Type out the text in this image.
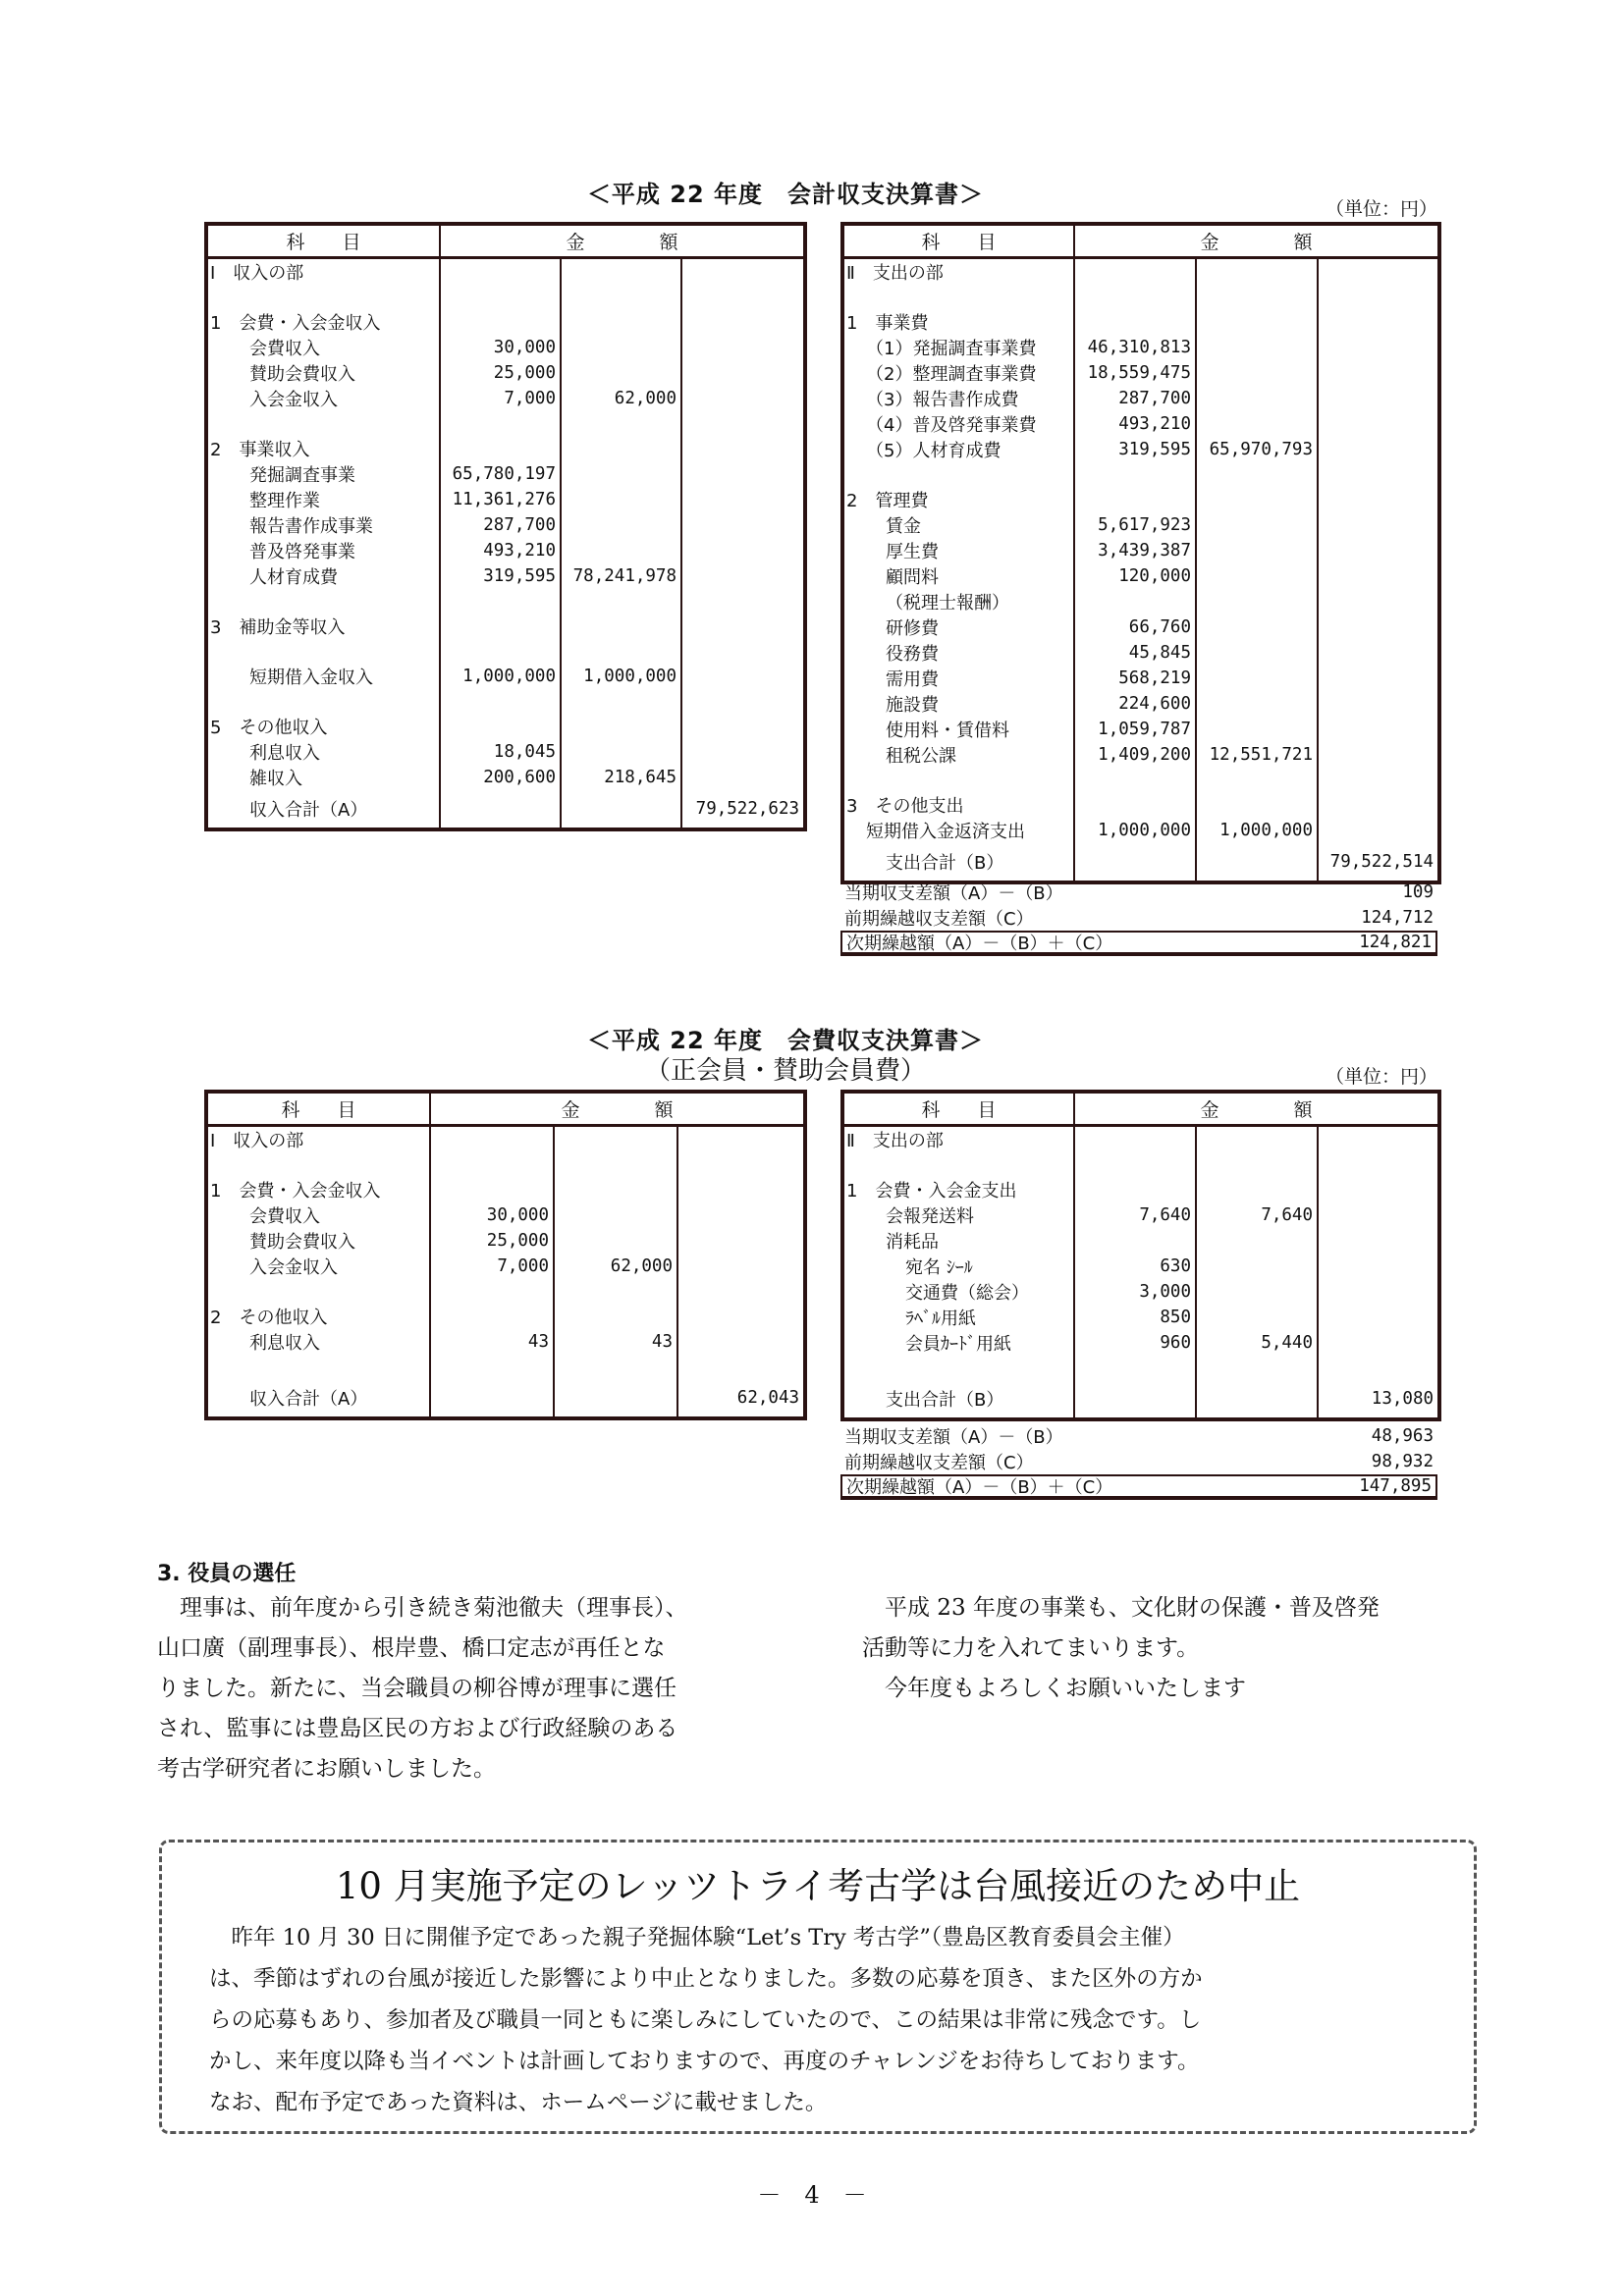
＜平成 22 年度　会計収支決算書＞
（単位：円）
科　　目	金　　　　額		
Ⅰ　収入の部			

1　会費・入会金収入			
会費収入	30,000		
賛助会費収入	25,000		
入会金収入	7,000	62,000	

2　事業収入			
発掘調査事業	65,780,197		
整理作業	11,361,276		
報告書作成事業	287,700		
普及啓発事業	493,210		
人材育成費	319,595	78,241,978	

3　補助金等収入			

短期借入金収入	1,000,000	1,000,000	

5　その他収入			
利息収入	18,045		
雑収入	200,600	218,645	
収入合計（A）			79,522,623
科　　目	金　　　　額		
Ⅱ　支出の部			

1　事業費			
（1）発掘調査事業費	46,310,813		
（2）整理調査事業費	18,559,475		
（3）報告書作成費	287,700		
（4）普及啓発事業費	493,210		
（5）人材育成費	319,595	65,970,793	

2　管理費			
賃金	5,617,923		
厚生費	3,439,387		
顧問料	120,000		
（税理士報酬）			
研修費	66,760		
役務費	45,845		
需用費	568,219		
施設費	224,600		
使用料・賃借料	1,059,787		
租税公課	1,409,200	12,551,721	

3　その他支出			
短期借入金返済支出	1,000,000	1,000,000	
支出合計（B）			79,522,514
当期収支差額（A）－（B）	109
前期繰越収支差額（C）	124,712
次期繰越額（A）－（B）＋（C）	124,821
＜平成 22 年度　会費収支決算書＞
（正会員・賛助会員費）	（単位：円）
科　　目	金　　　　額		
Ⅰ　収入の部			

1　会費・入会金収入			
会費収入	30,000		
賛助会費収入	25,000		
入会金収入	7,000	62,000	

2　その他収入			
利息収入	43	43	

収入合計（A）			62,043
科　　目	金　　　　額		
Ⅱ　支出の部			

1　会費・入会金支出			
会報発送料	7,640	7,640	
消耗品			
宛名 ｼｰﾙ	630		
交通費（総会）	3,000		
ﾗﾍﾞﾙ用紙	850		
会員ｶｰﾄﾞ用紙	960	5,440	

支出合計（B）			13,080
当期収支差額（A）－（B）	48,963
前期繰越収支差額（C）	98,932
次期繰越額（A）－（B）＋（C）	147,895
3. 役員の選任

理事は、前年度から引き続き菊池徹夫（理事長）、

山口廣（副理事長）、根岸豊、橋口定志が再任とな

りました。新たに、当会職員の柳谷博が理事に選任

され、監事には豊島区民の方および行政経験のある

考古学研究者にお願いしました。

平成 23 年度の事業も、文化財の保護・普及啓発

活動等に力を入れてまいります。

今年度もよろしくお願いいたします

10 月実施予定のレッツトライ考古学は台風接近のため中止
昨年 10 月 30 日に開催予定であった親子発掘体験“Let’s Try 考古学”（豊島区教育委員会主催）
は、季節はずれの台風が接近した影響により中止となりました。多数の応募を頂き、また区外の方か
らの応募もあり、参加者及び職員一同ともに楽しみにしていたので、この結果は非常に残念です。し
かし、来年度以降も当イベントは計画しておりますので、再度のチャレンジをお待ちしております。
なお、配布予定であった資料は、ホームページに載せました。
－　4　－
